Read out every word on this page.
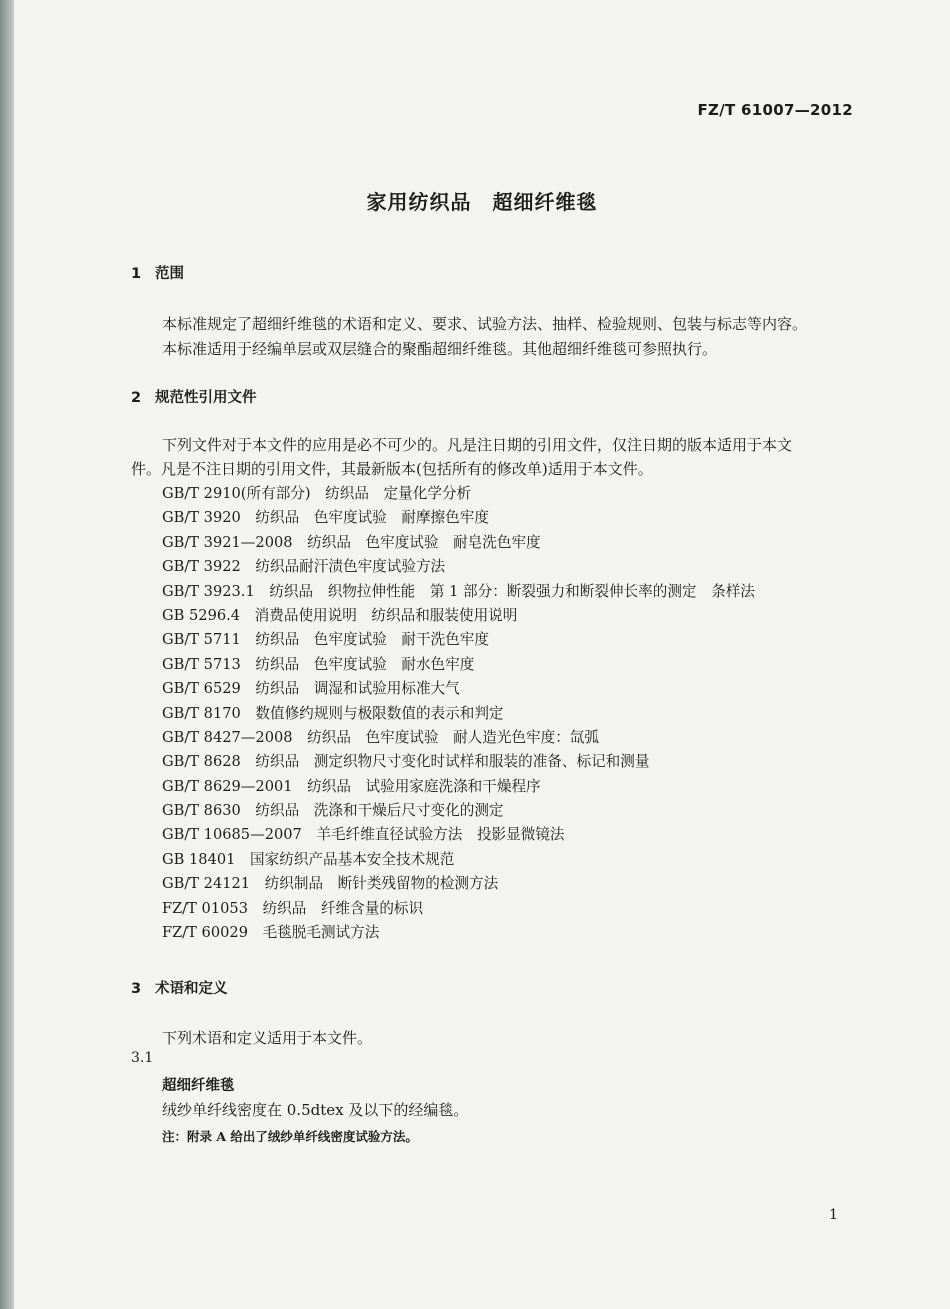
FZ/T 61007—2012
家用纺织品　超细纤维毯
1 范围
本标准规定了超细纤维毯的术语和定义、要求、试验方法、抽样、检验规则、包装与标志等内容。
本标准适用于经编单层或双层缝合的聚酯超细纤维毯。其他超细纤维毯可参照执行。
2 规范性引用文件
下列文件对于本文件的应用是必不可少的。凡是注日期的引用文件，仅注日期的版本适用于本文
件。凡是不注日期的引用文件，其最新版本(包括所有的修改单)适用于本文件。
GB/T 2910(所有部分)　纺织品　定量化学分析
GB/T 3920　纺织品　色牢度试验　耐摩擦色牢度
GB/T 3921—2008　纺织品　色牢度试验　耐皂洗色牢度
GB/T 3922　纺织品耐汗渍色牢度试验方法
GB/T 3923.1　纺织品　织物拉伸性能　第 1 部分：断裂强力和断裂伸长率的测定　条样法
GB 5296.4　消费品使用说明　纺织品和服装使用说明
GB/T 5711　纺织品　色牢度试验　耐干洗色牢度
GB/T 5713　纺织品　色牢度试验　耐水色牢度
GB/T 6529　纺织品　调湿和试验用标准大气
GB/T 8170　数值修约规则与极限数值的表示和判定
GB/T 8427—2008　纺织品　色牢度试验　耐人造光色牢度：氙弧
GB/T 8628　纺织品　测定织物尺寸变化时试样和服装的准备、标记和测量
GB/T 8629—2001　纺织品　试验用家庭洗涤和干燥程序
GB/T 8630　纺织品　洗涤和干燥后尺寸变化的测定
GB/T 10685—2007　羊毛纤维直径试验方法　投影显微镜法
GB 18401　国家纺织产品基本安全技术规范
GB/T 24121　纺织制品　断针类残留物的检测方法
FZ/T 01053　纺织品　纤维含量的标识
FZ/T 60029　毛毯脱毛测试方法
3 术语和定义
下列术语和定义适用于本文件。
3.1
超细纤维毯
绒纱单纤线密度在 0.5dtex 及以下的经编毯。
注：附录 A 给出了绒纱单纤线密度试验方法。
1
